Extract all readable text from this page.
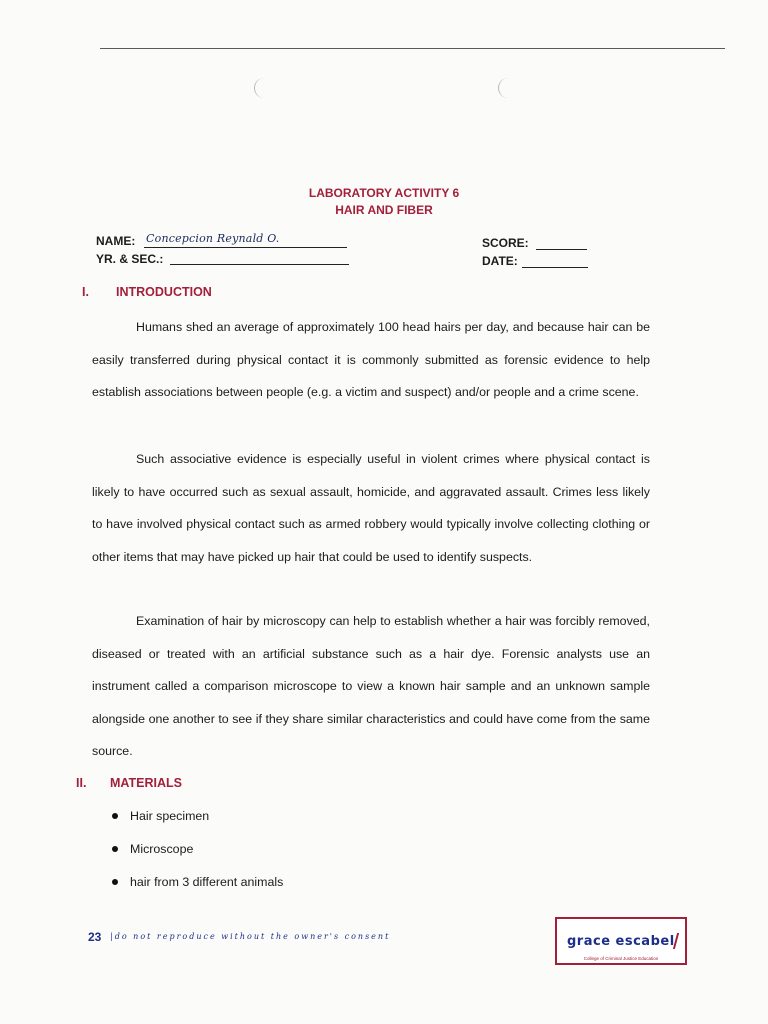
LABORATORY ACTIVITY 6
HAIR AND FIBER
NAME: Concepcion Reynald O.
YR. & SEC.:
SCORE:
DATE:
I. INTRODUCTION
Humans shed an average of approximately 100 head hairs per day, and because hair can be easily transferred during physical contact it is commonly submitted as forensic evidence to help establish associations between people (e.g. a victim and suspect) and/or people and a crime scene.
Such associative evidence is especially useful in violent crimes where physical contact is likely to have occurred such as sexual assault, homicide, and aggravated assault. Crimes less likely to have involved physical contact such as armed robbery would typically involve collecting clothing or other items that may have picked up hair that could be used to identify suspects.
Examination of hair by microscopy can help to establish whether a hair was forcibly removed, diseased or treated with an artificial substance such as a hair dye. Forensic analysts use an instrument called a comparison microscope to view a known hair sample and an unknown sample alongside one another to see if they share similar characteristics and could have come from the same source.
II. MATERIALS
Hair specimen
Microscope
hair from 3 different animals
23 |do not reproduce without the owner's consent	grace escabel
College of Criminal Justice Education
